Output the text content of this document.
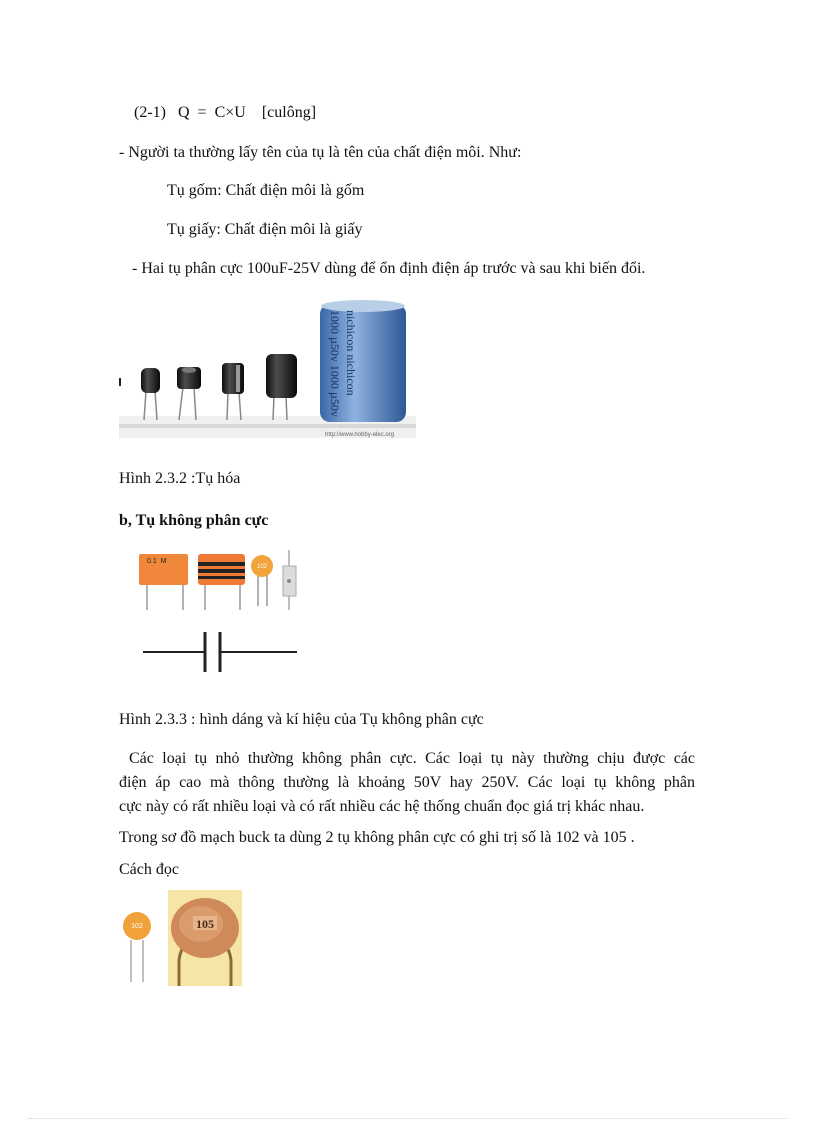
(2-1)   Q  =  C×U    [culông]
- Người ta thường lấy tên của tụ là tên của chất điện môi. Như:
Tụ gốm: Chất điện môi là gốm
Tụ giấy: Chất điện môi là giấy
- Hai tụ phân cực 100uF-25V dùng để ổn định điện áp trước và sau khi biến đổi.
nichicon nichicon
1000 µ50v 1000 µ50v
http://www.hobby-elec.org
Hình 2.3.2 :Tụ hóa
b, Tụ không phân cực
0.1  M
102
Hình 2.3.3 : hình dáng và kí hiệu của Tụ không phân cực
Các loại tụ nhỏ thường không phân cực. Các loại tụ này thường chịu được các
điện áp cao mà thông thường là khoảng 50V hay 250V. Các loại tụ không phân
cực này có rất nhiều loại và có rất nhiều các hệ thống chuẩn đọc giá trị khác nhau.
Trong sơ đồ mạch buck ta dùng 2 tụ không phân cực có ghi trị số là 102 và 105 .
Cách đọc
102	105
